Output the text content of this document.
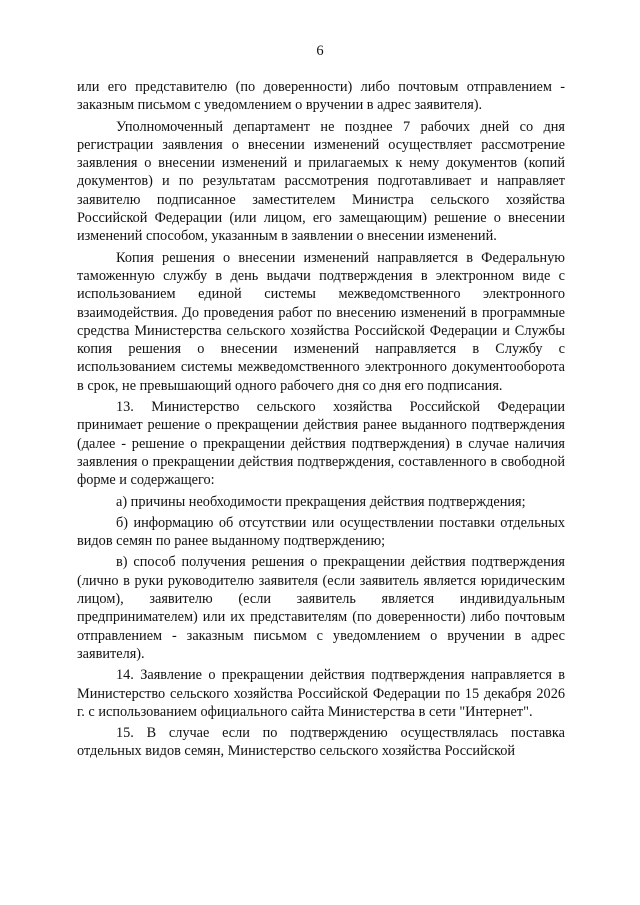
6

или его представителю (по доверенности) либо почтовым отправлением - заказным письмом с уведомлением о вручении в адрес заявителя).

Уполномоченный департамент не позднее 7 рабочих дней со дня регистрации заявления о внесении изменений осуществляет рассмотрение заявления о внесении изменений и прилагаемых к нему документов (копий документов) и по результатам рассмотрения подготавливает и направляет заявителю подписанное заместителем Министра сельского хозяйства Российской Федерации (или лицом, его замещающим) решение о внесении изменений способом, указанным в заявлении о внесении изменений.

Копия решения о внесении изменений направляется в Федеральную таможенную службу в день выдачи подтверждения в электронном виде с использованием единой системы межведомственного электронного взаимодействия. До проведения работ по внесению изменений в программные средства Министерства сельского хозяйства Российской Федерации и Службы копия решения о внесении изменений направляется в Службу с использованием системы межведомственного электронного документооборота в срок, не превышающий одного рабочего дня со дня его подписания.

13. Министерство сельского хозяйства Российской Федерации принимает решение о прекращении действия ранее выданного подтверждения (далее - решение о прекращении действия подтверждения) в случае наличия заявления о прекращении действия подтверждения, составленного в свободной форме и содержащего:

а) причины необходимости прекращения действия подтверждения;

б) информацию об отсутствии или осуществлении поставки отдельных видов семян по ранее выданному подтверждению;

в) способ получения решения о прекращении действия подтверждения (лично в руки руководителю заявителя (если заявитель является юридическим лицом), заявителю (если заявитель является индивидуальным предпринимателем) или их представителям (по доверенности) либо почтовым отправлением - заказным письмом с уведомлением о вручении в адрес заявителя).

14. Заявление о прекращении действия подтверждения направляется в Министерство сельского хозяйства Российской Федерации по 15 декабря 2026 г. с использованием официального сайта Министерства в сети "Интернет".

15. В случае если по подтверждению осуществлялась поставка отдельных видов семян, Министерство сельского хозяйства Российской
